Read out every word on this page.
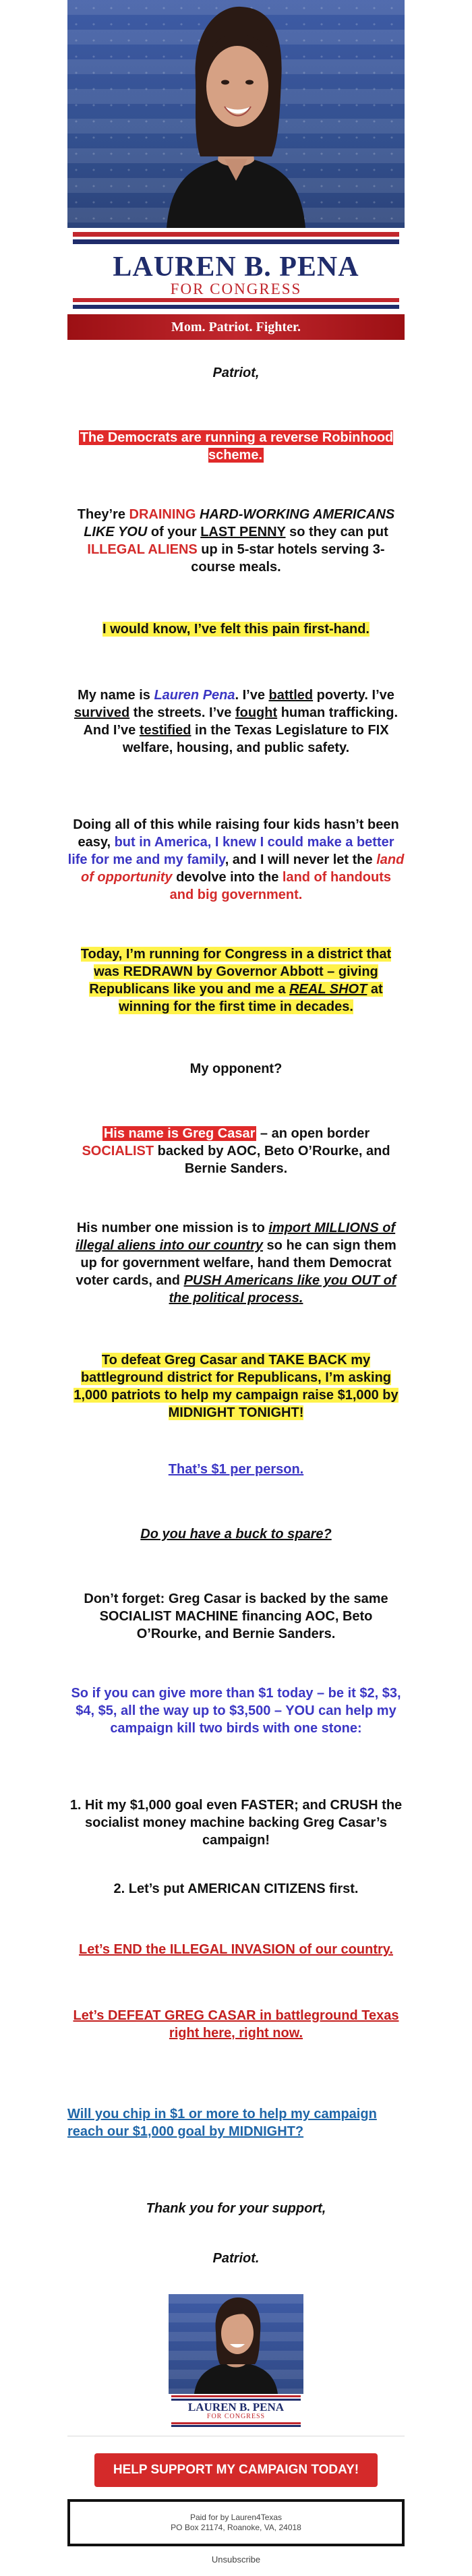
LAUREN B. PENA
FOR CONGRESS
Mom. Patriot. Fighter.
Patriot,
The Democrats are running a reverse Robinhood scheme.
They’re DRAINING HARD-WORKING AMERICANS LIKE YOU of your LAST PENNY so they can put ILLEGAL ALIENS up in 5-star hotels serving 3-course meals.
I would know, I’ve felt this pain first-hand.
My name is Lauren Pena. I’ve battled poverty. I’ve survived the streets. I’ve fought human trafficking. And I’ve testified in the Texas Legislature to FIX welfare, housing, and public safety.
Doing all of this while raising four kids hasn’t been easy, but in America, I knew I could make a better life for me and my family, and I will never let the land of opportunity devolve into the land of handouts and big government.
Today, I’m running for Congress in a district that was REDRAWN by Governor Abbott – giving Republicans like you and me a REAL SHOT at winning for the first time in decades.
My opponent?
His name is Greg Casar – an open border SOCIALIST backed by AOC, Beto O’Rourke, and Bernie Sanders.
His number one mission is to import MILLIONS of illegal aliens into our country so he can sign them up for government welfare, hand them Democrat voter cards, and PUSH Americans like you OUT of the political process.
To defeat Greg Casar and TAKE BACK my battleground district for Republicans, I’m asking 1,000 patriots to help my campaign raise $1,000 by MIDNIGHT TONIGHT!
That’s $1 per person.
Do you have a buck to spare?
Don’t forget: Greg Casar is backed by the same SOCIALIST MACHINE financing AOC, Beto O’Rourke, and Bernie Sanders.
So if you can give more than $1 today – be it $2, $3, $4, $5, all the way up to $3,500 – YOU can help my campaign kill two birds with one stone:
1. Hit my $1,000 goal even FASTER; and CRUSH the socialist money machine backing Greg Casar’s campaign!
2. Let’s put AMERICAN CITIZENS first.
Let’s END the ILLEGAL INVASION of our country.
Let’s DEFEAT GREG CASAR in battleground Texas right here, right now.
Will you chip in $1 or more to help my campaign reach our $1,000 goal by MIDNIGHT?
Thank you for your support,
Patriot.
LAUREN B. PENA
FOR CONGRESS
HELP SUPPORT MY CAMPAIGN TODAY!
Paid for by Lauren4Texas
PO Box 21174, Roanoke, VA, 24018
Unsubscribe
